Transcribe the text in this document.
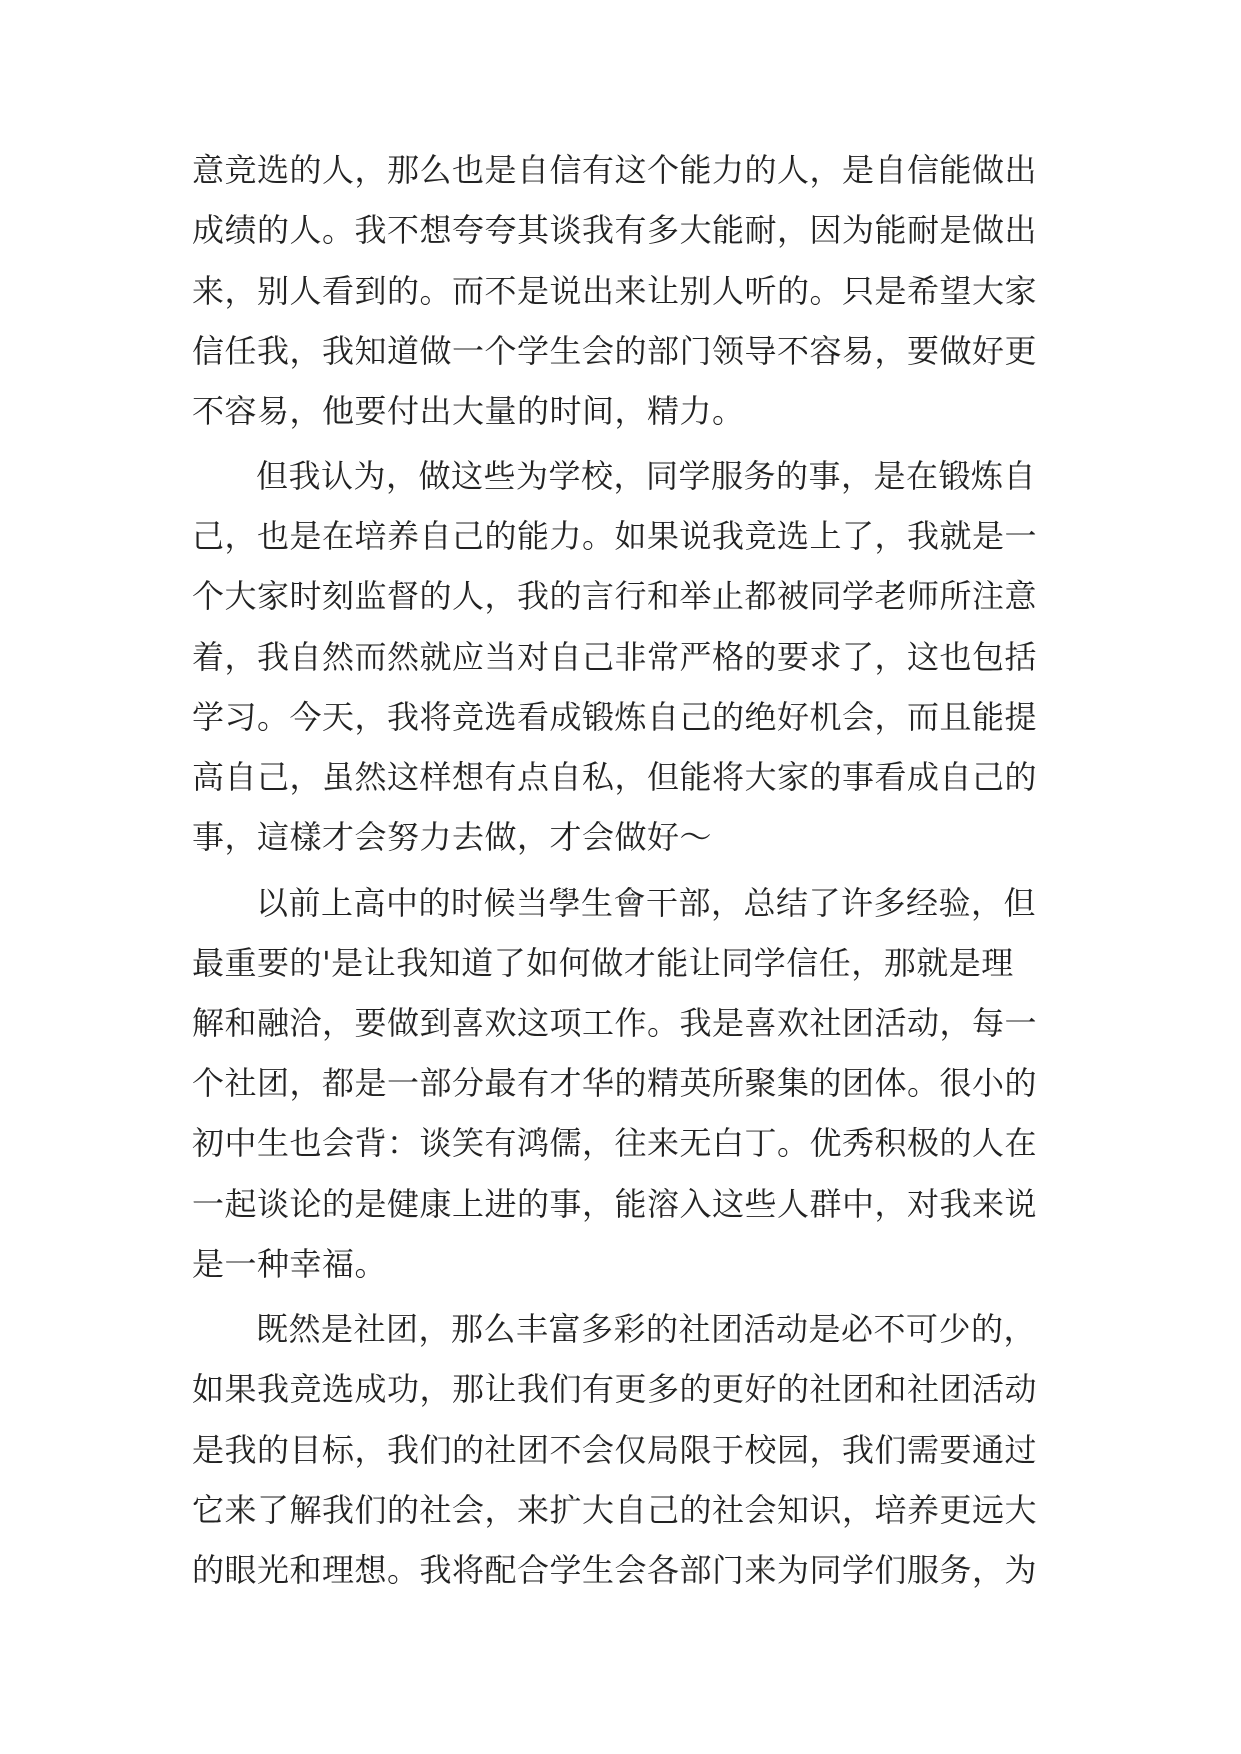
意竞选的人，那么也是自信有这个能力的人，是自信能做出
成绩的人。我不想夸夸其谈我有多大能耐，因为能耐是做出
来，别人看到的。而不是说出来让别人听的。只是希望大家
信任我，我知道做一个学生会的部门领导不容易，要做好更
不容易，他要付出大量的时间，精力。
但我认为，做这些为学校，同学服务的事，是在锻炼自
己，也是在培养自己的能力。如果说我竞选上了，我就是一
个大家时刻监督的人，我的言行和举止都被同学老师所注意
着，我自然而然就应当对自己非常严格的要求了，这也包括
学习。今天，我将竞选看成锻炼自己的绝好机会，而且能提
高自己，虽然这样想有点自私，但能将大家的事看成自己的
事，這樣才会努力去做，才会做好～
以前上高中的时候当學生會干部，总结了许多经验，但
最重要的'是让我知道了如何做才能让同学信任，那就是理
解和融洽，要做到喜欢这项工作。我是喜欢社团活动，每一
个社团，都是一部分最有才华的精英所聚集的团体。很小的
初中生也会背：谈笑有鸿儒，往来无白丁。优秀积极的人在
一起谈论的是健康上进的事，能溶入这些人群中，对我来说
是一种幸福。
既然是社团，那么丰富多彩的社团活动是必不可少的，
如果我竞选成功，那让我们有更多的更好的社团和社团活动
是我的目标，我们的社团不会仅局限于校园，我们需要通过
它来了解我们的社会，来扩大自己的社会知识，培养更远大
的眼光和理想。我将配合学生会各部门来为同学们服务，为
